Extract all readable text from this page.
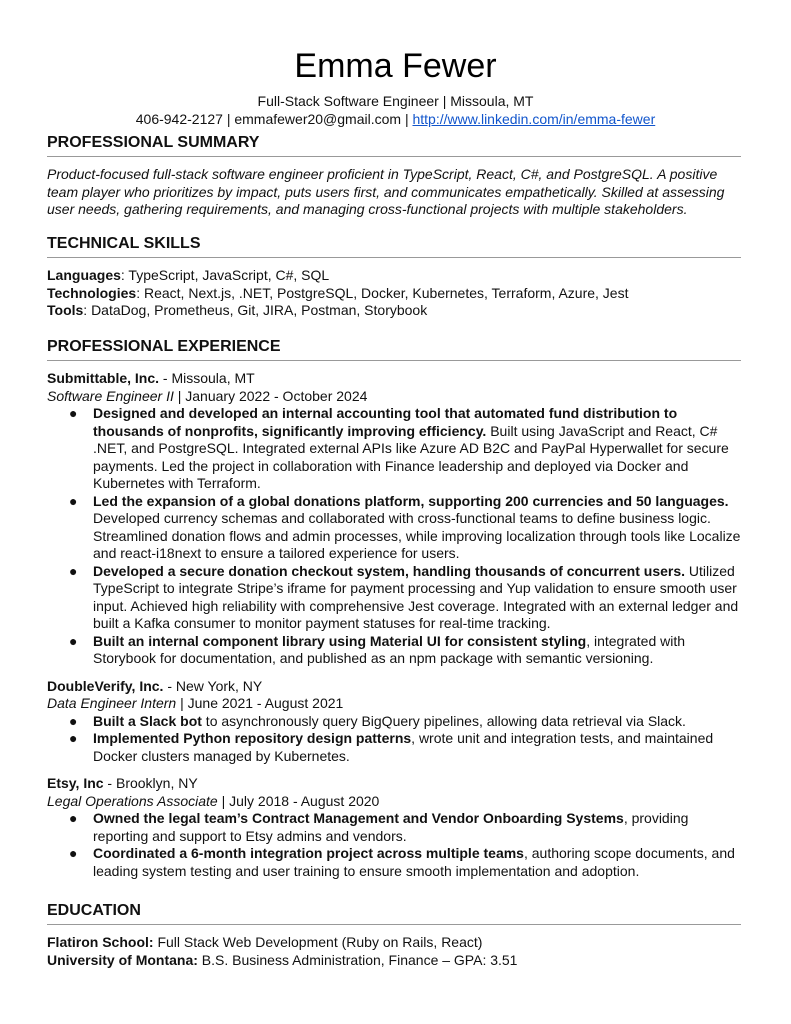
Emma Fewer
Full-Stack Software Engineer | Missoula, MT
406-942-2127 | emmafewer20@gmail.com | http://www.linkedin.com/in/emma-fewer
PROFESSIONAL SUMMARY
Product-focused full-stack software engineer proficient in TypeScript, React, C#, and PostgreSQL. A positive team player who prioritizes by impact, puts users first, and communicates empathetically. Skilled at assessing user needs, gathering requirements, and managing cross-functional projects with multiple stakeholders.
TECHNICAL SKILLS
Languages: TypeScript, JavaScript, C#, SQL
Technologies: React, Next.js, .NET, PostgreSQL, Docker, Kubernetes, Terraform, Azure, Jest
Tools: DataDog, Prometheus, Git, JIRA, Postman, Storybook
PROFESSIONAL EXPERIENCE
Submittable, Inc. - Missoula, MT
Software Engineer II | January 2022 - October 2024
● Designed and developed an internal accounting tool that automated fund distribution to thousands of nonprofits, significantly improving efficiency. Built using JavaScript and React, C# .NET, and PostgreSQL. Integrated external APIs like Azure AD B2C and PayPal Hyperwallet for secure payments. Led the project in collaboration with Finance leadership and deployed via Docker and Kubernetes with Terraform.
● Led the expansion of a global donations platform, supporting 200 currencies and 50 languages. Developed currency schemas and collaborated with cross-functional teams to define business logic. Streamlined donation flows and admin processes, while improving localization through tools like Localize and react-i18next to ensure a tailored experience for users.
● Developed a secure donation checkout system, handling thousands of concurrent users. Utilized TypeScript to integrate Stripe’s iframe for payment processing and Yup validation to ensure smooth user input. Achieved high reliability with comprehensive Jest coverage. Integrated with an external ledger and built a Kafka consumer to monitor payment statuses for real-time tracking.
● Built an internal component library using Material UI for consistent styling, integrated with Storybook for documentation, and published as an npm package with semantic versioning.
DoubleVerify, Inc. - New York, NY
Data Engineer Intern | June 2021 - August 2021
● Built a Slack bot to asynchronously query BigQuery pipelines, allowing data retrieval via Slack.
● Implemented Python repository design patterns, wrote unit and integration tests, and maintained Docker clusters managed by Kubernetes.
Etsy, Inc - Brooklyn, NY
Legal Operations Associate | July 2018 - August 2020
● Owned the legal team’s Contract Management and Vendor Onboarding Systems, providing reporting and support to Etsy admins and vendors.
● Coordinated a 6-month integration project across multiple teams, authoring scope documents, and leading system testing and user training to ensure smooth implementation and adoption.
EDUCATION
Flatiron School: Full Stack Web Development (Ruby on Rails, React)
University of Montana: B.S. Business Administration, Finance – GPA: 3.51
